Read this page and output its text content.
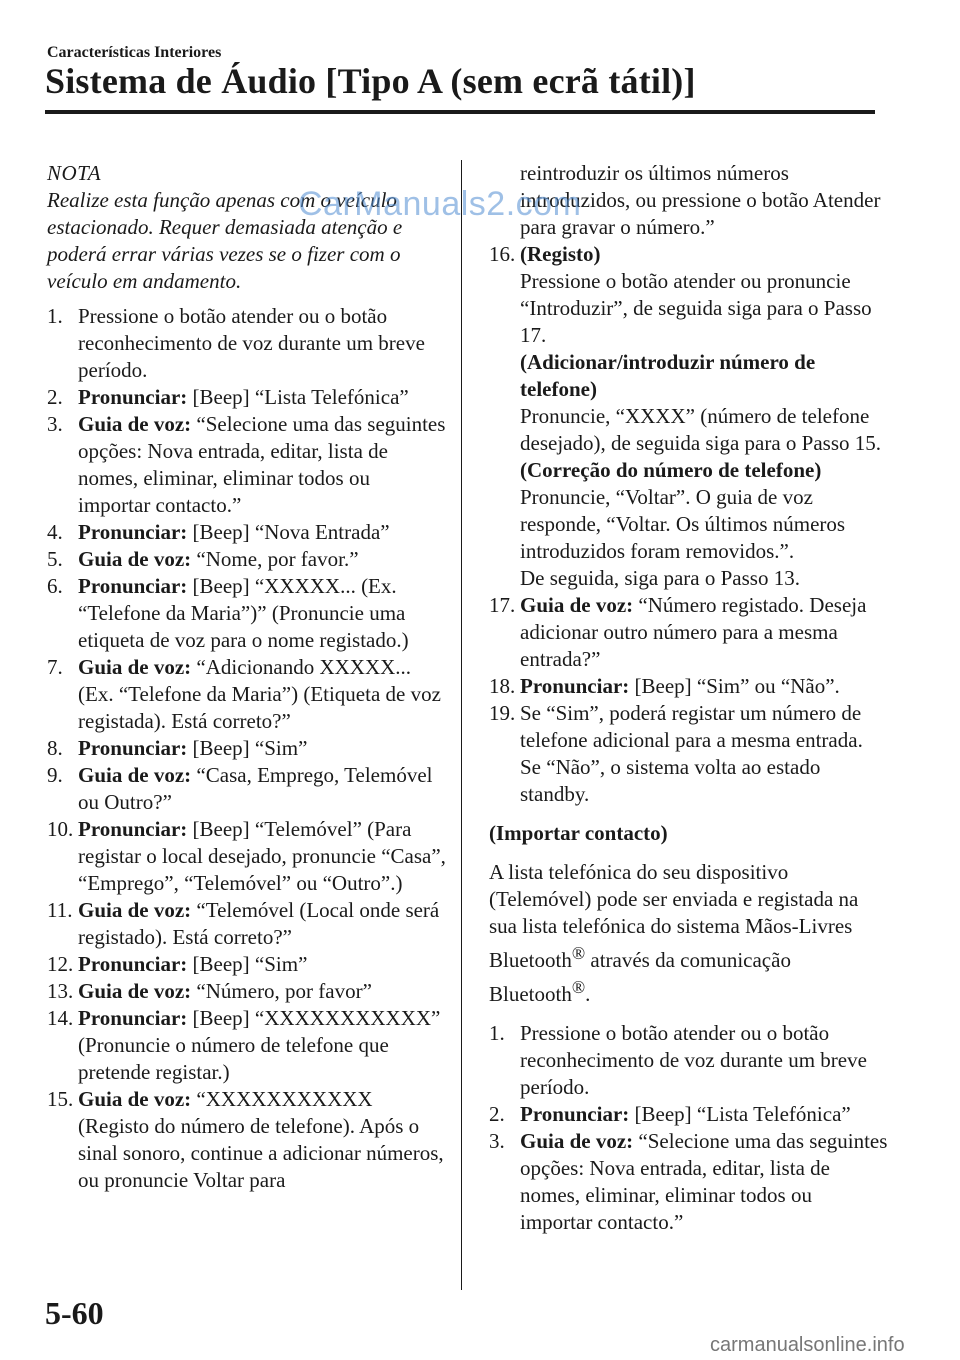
Características Interiores
Sistema de Áudio [Tipo A (sem ecrã tátil)]
NOTA
Realize esta função apenas com o veículo estacionado. Requer demasiada atenção e poderá errar várias vezes se o fizer com o veículo em andamento.
1. Pressione o botão atender ou o botão reconhecimento de voz durante um breve período.
2. Pronunciar: [Beep] “Lista Telefónica”
3. Guia de voz: “Selecione uma das seguintes opções: Nova entrada, editar, lista de nomes, eliminar, eliminar todos ou importar contacto.”
4. Pronunciar: [Beep] “Nova Entrada”
5. Guia de voz: “Nome, por favor.”
6. Pronunciar: [Beep] “XXXXX... (Ex. “Telefone da Maria”)” (Pronuncie uma etiqueta de voz para o nome registado.)
7. Guia de voz: “Adicionando XXXXX... (Ex. “Telefone da Maria”) (Etiqueta de voz registada). Está correto?”
8. Pronunciar: [Beep] “Sim”
9. Guia de voz: “Casa, Emprego, Telemóvel ou Outro?”
10. Pronunciar: [Beep] “Telemóvel” (Para registar o local desejado, pronuncie “Casa”, “Emprego”, “Telemóvel” ou “Outro”.)
11. Guia de voz: “Telemóvel (Local onde será registado). Está correto?”
12. Pronunciar: [Beep] “Sim”
13. Guia de voz: “Número, por favor”
14. Pronunciar: [Beep] “XXXXXXXXXXX” (Pronuncie o número de telefone que pretende registar.)
15. Guia de voz: “XXXXXXXXXXX (Registo do número de telefone). Após o sinal sonoro, continue a adicionar números, ou pronuncie Voltar para
reintroduzir os últimos números introduzidos, ou pressione o botão Atender para gravar o número.”
16. (Registo)
Pressione o botão atender ou pronuncie “Introduzir”, de seguida siga para o Passo 17.
(Adicionar/introduzir número de telefone)
Pronuncie, “XXXX” (número de telefone desejado), de seguida siga para o Passo 15.
(Correção do número de telefone)
Pronuncie, “Voltar”. O guia de voz responde, “Voltar. Os últimos números introduzidos foram removidos.”.
De seguida, siga para o Passo 13.
17. Guia de voz: “Número registado. Deseja adicionar outro número para a mesma entrada?”
18. Pronunciar: [Beep] “Sim” ou “Não”.
19. Se “Sim”, poderá registar um número de telefone adicional para a mesma entrada.
Se “Não”, o sistema volta ao estado standby.
(Importar contacto)
A lista telefónica do seu dispositivo (Telemóvel) pode ser enviada e registada na sua lista telefónica do sistema Mãos-Livres Bluetooth® através da comunicação Bluetooth®.
1. Pressione o botão atender ou o botão reconhecimento de voz durante um breve período.
2. Pronunciar: [Beep] “Lista Telefónica”
3. Guia de voz: “Selecione uma das seguintes opções: Nova entrada, editar, lista de nomes, eliminar, eliminar todos ou importar contacto.”
CarManuals2.com
5-60
carmanualsonline.info
